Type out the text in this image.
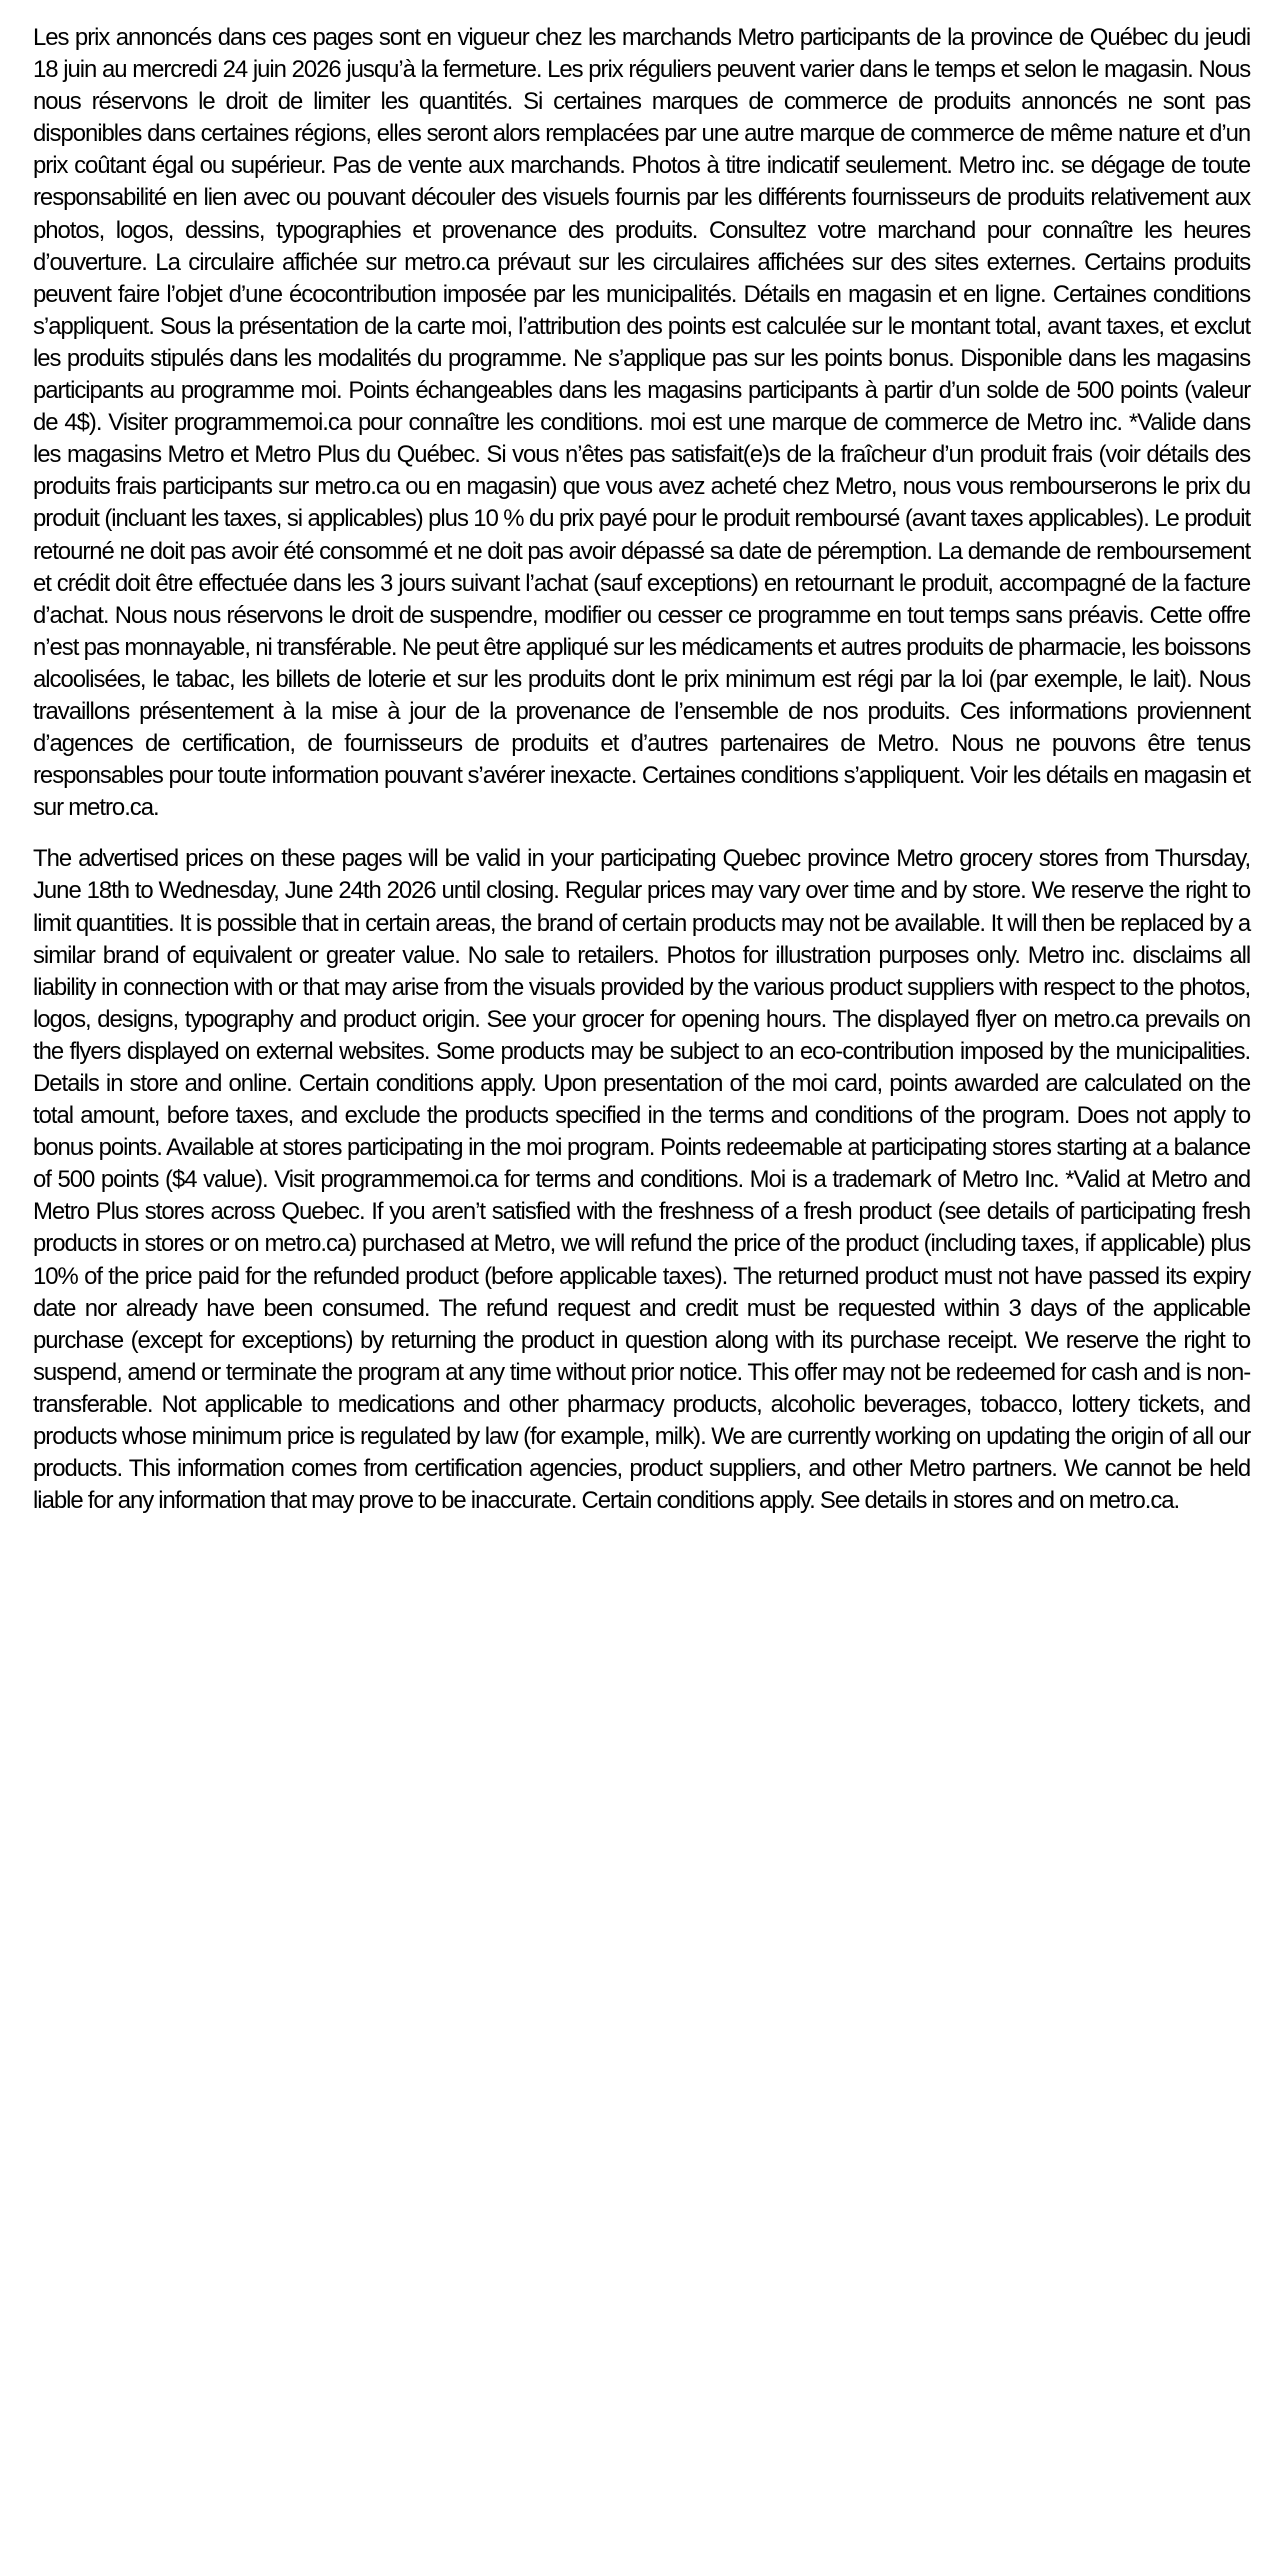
Les prix annoncés dans ces pages sont en vigueur chez les marchands Metro participants de la province de Québec du jeudi 18 juin au mercredi 24 juin 2026 jusqu’à la fermeture. Les prix réguliers peuvent varier dans le temps et selon le magasin. Nous nous réservons le droit de limiter les quantités. Si certaines marques de commerce de produits annoncés ne sont pas disponibles dans certaines régions, elles seront alors remplacées par une autre marque de commerce de même nature et d’un prix coûtant égal ou supérieur. Pas de vente aux marchands. Photos à titre indicatif seulement. Metro inc. se dégage de toute responsabilité en lien avec ou pouvant découler des visuels fournis par les différents fournisseurs de produits relativement aux photos, logos, dessins, typographies et provenance des produits. Consultez votre marchand pour connaître les heures d’ouverture. La circulaire affichée sur metro.ca prévaut sur les circulaires affichées sur des sites externes. Certains produits peuvent faire l’objet d’une écocontribution imposée par les municipalités. Détails en magasin et en ligne. Certaines conditions s’appliquent. Sous la présentation de la carte moi, l’attribution des points est calculée sur le montant total, avant taxes, et exclut les produits stipulés dans les modalités du programme. Ne s’applique pas sur les points bonus. Disponible dans les magasins participants au programme moi. Points échangeables dans les magasins participants à partir d’un solde de 500 points (valeur de 4$). Visiter programmemoi.ca pour connaître les conditions. moi est une marque de commerce de Metro inc. *Valide dans les magasins Metro et Metro Plus du Québec. Si vous n’êtes pas satisfait(e)s de la fraîcheur d’un produit frais (voir détails des produits frais participants sur metro.ca ou en magasin) que vous avez acheté chez Metro, nous vous rembourserons le prix du produit (incluant les taxes, si applicables) plus 10 % du prix payé pour le produit remboursé (avant taxes applicables). Le produit retourné ne doit pas avoir été consommé et ne doit pas avoir dépassé sa date de péremption. La demande de remboursement et crédit doit être effectuée dans les 3 jours suivant l’achat (sauf exceptions) en retournant le produit, accompagné de la facture d’achat. Nous nous réservons le droit de suspendre, modifier ou cesser ce programme en tout temps sans préavis. Cette offre n’est pas monnayable, ni transférable. Ne peut être appliqué sur les médicaments et autres produits de pharmacie, les boissons alcoolisées, le tabac, les billets de loterie et sur les produits dont le prix minimum est régi par la loi (par exemple, le lait). Nous travaillons présentement à la mise à jour de la provenance de l’ensemble de nos produits. Ces informations proviennent d’agences de certification, de fournisseurs de produits et d’autres partenaires de Metro. Nous ne pouvons être tenus responsables pour toute information pouvant s’avérer inexacte. Certaines conditions s’appliquent. Voir les détails en magasin et sur metro.ca.

The advertised prices on these pages will be valid in your participating Quebec province Metro grocery stores from Thursday, June 18th to Wednesday, June 24th 2026 until closing. Regular prices may vary over time and by store. We reserve the right to limit quantities. It is possible that in certain areas, the brand of certain products may not be available. It will then be replaced by a similar brand of equivalent or greater value. No sale to retailers. Photos for illustration purposes only. Metro inc. disclaims all liability in connection with or that may arise from the visuals provided by the various product suppliers with respect to the photos, logos, designs, typography and product origin. See your grocer for opening hours. The displayed flyer on metro.ca prevails on the flyers displayed on external websites. Some products may be subject to an eco-contribution imposed by the municipalities. Details in store and online. Certain conditions apply. Upon presentation of the moi card, points awarded are calculated on the total amount, before taxes, and exclude the products specified in the terms and conditions of the program. Does not apply to bonus points. Available at stores participating in the moi program. Points redeemable at participating stores starting at a balance of 500 points ($4 value). Visit programmemoi.ca for terms and conditions. Moi is a trademark of Metro Inc. *Valid at Metro and Metro Plus stores across Quebec. If you aren’t satisfied with the freshness of a fresh product (see details of participating fresh products in stores or on metro.ca) purchased at Metro, we will refund the price of the product (including taxes, if applicable) plus 10% of the price paid for the refunded product (before applicable taxes). The returned product must not have passed its expiry date nor already have been consumed. The refund request and credit must be requested within 3 days of the applicable purchase (except for exceptions) by returning the product in question along with its purchase receipt. We reserve the right to suspend, amend or terminate the program at any time without prior notice. This offer may not be redeemed for cash and is non-transferable. Not applicable to medications and other pharmacy products, alcoholic beverages, tobacco, lottery tickets, and products whose minimum price is regulated by law (for example, milk). We are currently working on updating the origin of all our products. This information comes from certification agencies, product suppliers, and other Metro partners. We cannot be held liable for any information that may prove to be inaccurate. Certain conditions apply. See details in stores and on metro.ca.
